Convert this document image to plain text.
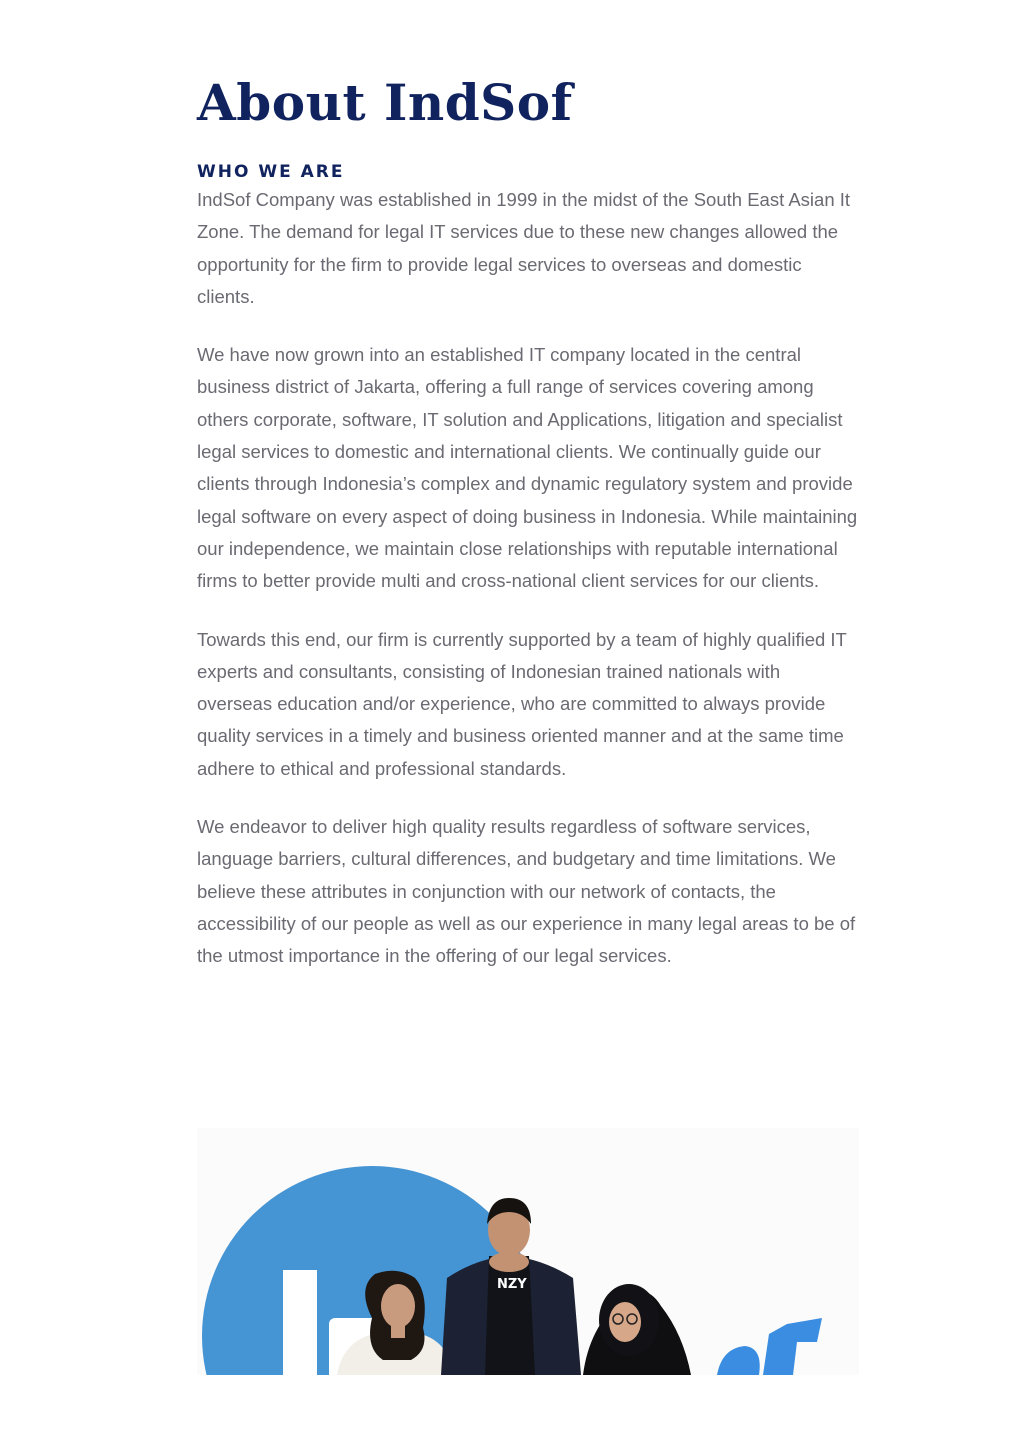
About IndSof
WHO WE ARE

IndSof Company was established in 1999 in the midst of the South East Asian It Zone. The demand for legal IT services due to these new changes allowed the opportunity for the firm to provide legal services to overseas and domestic clients.

We have now grown into an established IT company located in the central business district of Jakarta, offering a full range of services covering among others corporate, software, IT solution and Applications, litigation and specialist legal services to domestic and international clients. We continually guide our clients through Indonesia’s complex and dynamic regulatory system and provide legal software on every aspect of doing business in Indonesia. While maintaining our independence, we maintain close relationships with reputable international firms to better provide multi and cross-national client services for our clients.

Towards this end, our firm is currently supported by a team of highly qualified IT experts and consultants, consisting of Indonesian trained nationals with overseas education and/or experience, who are committed to always provide quality services in a timely and business oriented manner and at the same time adhere to ethical and professional standards.

We endeavor to deliver high quality results regardless of software services, language barriers, cultural differences, and budgetary and time limitations. We believe these attributes in conjunction with our network of contacts, the accessibility of our people as well as our experience in many legal areas to be of the utmost importance in the offering of our legal services.

NZY
